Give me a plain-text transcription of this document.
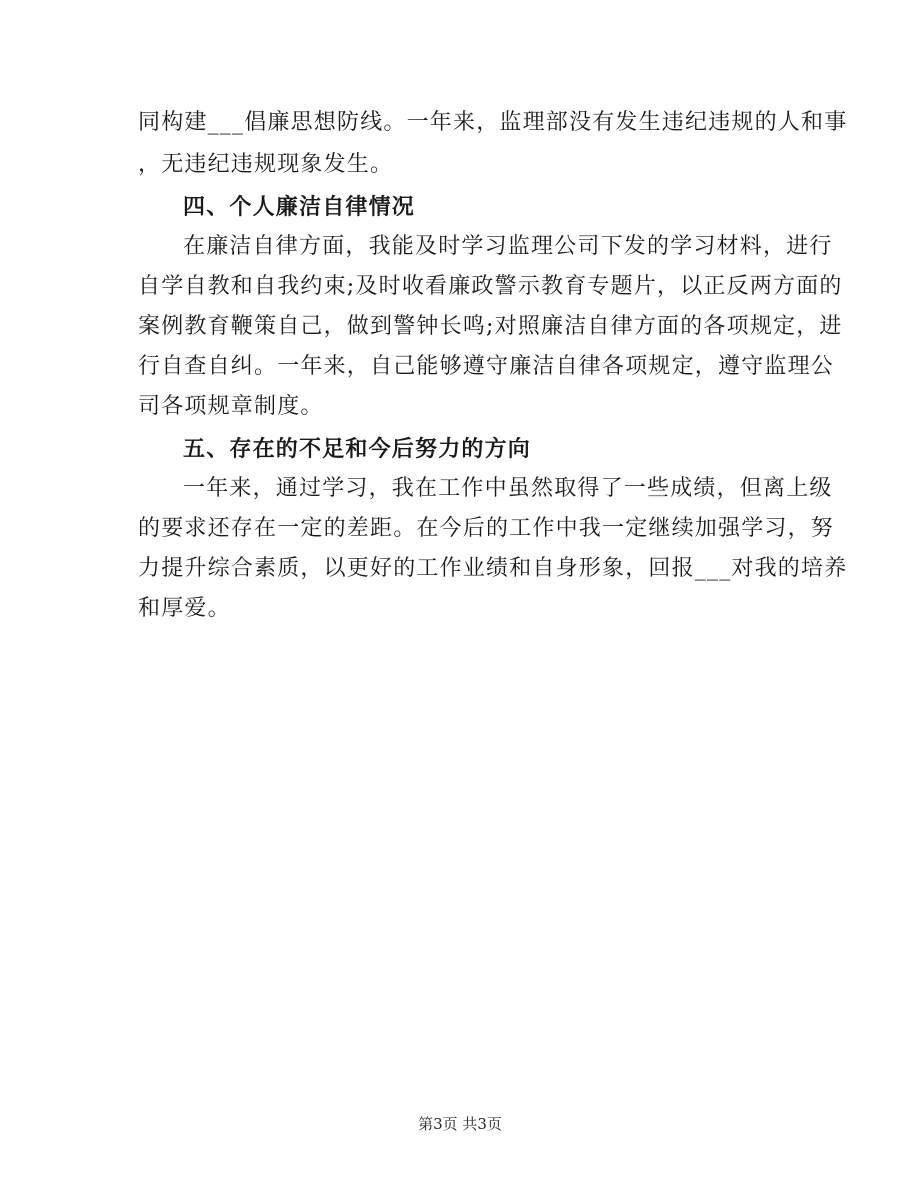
同构建___倡廉思想防线。一年来，监理部没有发生违纪违规的人和事
，无违纪违规现象发生。
四、个人廉洁自律情况
在廉洁自律方面，我能及时学习监理公司下发的学习材料，进行
自学自教和自我约束;及时收看廉政警示教育专题片，以正反两方面的
案例教育鞭策自己，做到警钟长鸣;对照廉洁自律方面的各项规定，进
行自查自纠。一年来，自己能够遵守廉洁自律各项规定，遵守监理公
司各项规章制度。
五、存在的不足和今后努力的方向
一年来，通过学习，我在工作中虽然取得了一些成绩，但离上级
的要求还存在一定的差距。在今后的工作中我一定继续加强学习，努
力提升综合素质，以更好的工作业绩和自身形象，回报___对我的培养
和厚爱。
第3页 共3页
